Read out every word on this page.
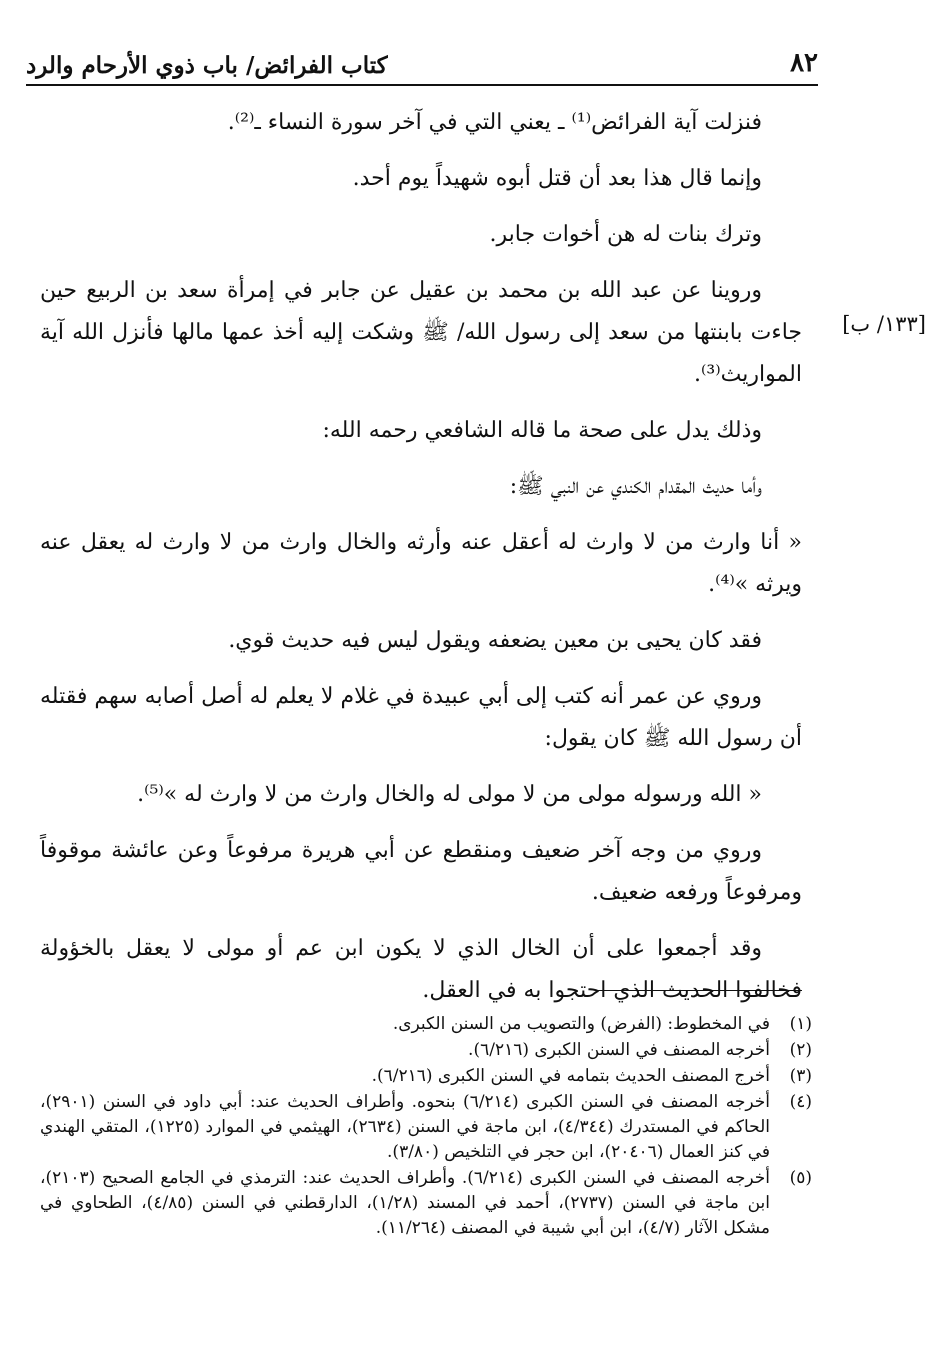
٨٢
كتاب الفرائض/ باب ذوي الأرحام والرد
[١٣٣/ ب]

فنزلت آية الفرائض⁽¹⁾ ـ يعني التي في آخر سورة النساء ـ⁽²⁾.

وإنما قال هذا بعد أن قتل أبوه شهيداً يوم أحد.

وترك بنات له هن أخوات جابر.

وروينا عن عبد الله بن محمد بن عقيل عن جابر في إمرأة سعد بن الربيع حين جاءت بابنتها من سعد إلى رسول الله/ ﷺ وشكت إليه أخذ عمها مالها فأنزل الله آية المواريث⁽³⁾.

وذلك يدل على صحة ما قاله الشافعي رحمه الله:

وأما حديث المقدام الكندي عن النبي ﷺ:

« أنا وارث من لا وارث له أعقل عنه وأرثه والخال وارث من لا وارث له يعقل عنه ويرثه »⁽⁴⁾.

فقد كان يحيى بن معين يضعفه ويقول ليس فيه حديث قوي.

وروي عن عمر أنه كتب إلى أبي عبيدة في غلام لا يعلم له أصل أصابه سهم فقتله أن رسول الله ﷺ كان يقول:

« الله ورسوله مولى من لا مولى له والخال وارث من لا وارث له »⁽⁵⁾.

وروي من وجه آخر ضعيف ومنقطع عن أبي هريرة مرفوعاً وعن عائشة موقوفاً ومرفوعاً ورفعه ضعيف.

وقد أجمعوا على أن الخال الذي لا يكون ابن عم أو مولى لا يعقل بالخؤولة فخالفوا الحديث الذي احتجوا به في العقل.

(١)
في المخطوط: (الفرض) والتصويب من السنن الكبرى.
(٢)
أخرجه المصنف في السنن الكبرى (٦/٢١٦).
(٣)
أخرج المصنف الحديث بتمامه في السنن الكبرى (٦/٢١٦).
(٤)
أخرجه المصنف في السنن الكبرى (٦/٢١٤) بنحوه. وأطراف الحديث عند: أبي داود في السنن (٢٩٠١)، الحاكم في المستدرك (٤/٣٤٤)، ابن ماجة في السنن (٢٦٣٤)، الهيثمي في الموارد (١٢٢٥)، المتقي الهندي في كنز العمال (٢٠٤٠٦)، ابن حجر في التلخيص (٣/٨٠).
(٥)
أخرجه المصنف في السنن الكبرى (٦/٢١٤). وأطراف الحديث عند: الترمذي في الجامع الصحيح (٢١٠٣)، ابن ماجة في السنن (٢٧٣٧)، أحمد في المسند (١/٢٨)، الدارقطني في السنن (٤/٨٥)، الطحاوي في مشكل الآثار (٤/٧)، ابن أبي شيبة في المصنف (١١/٢٦٤).
